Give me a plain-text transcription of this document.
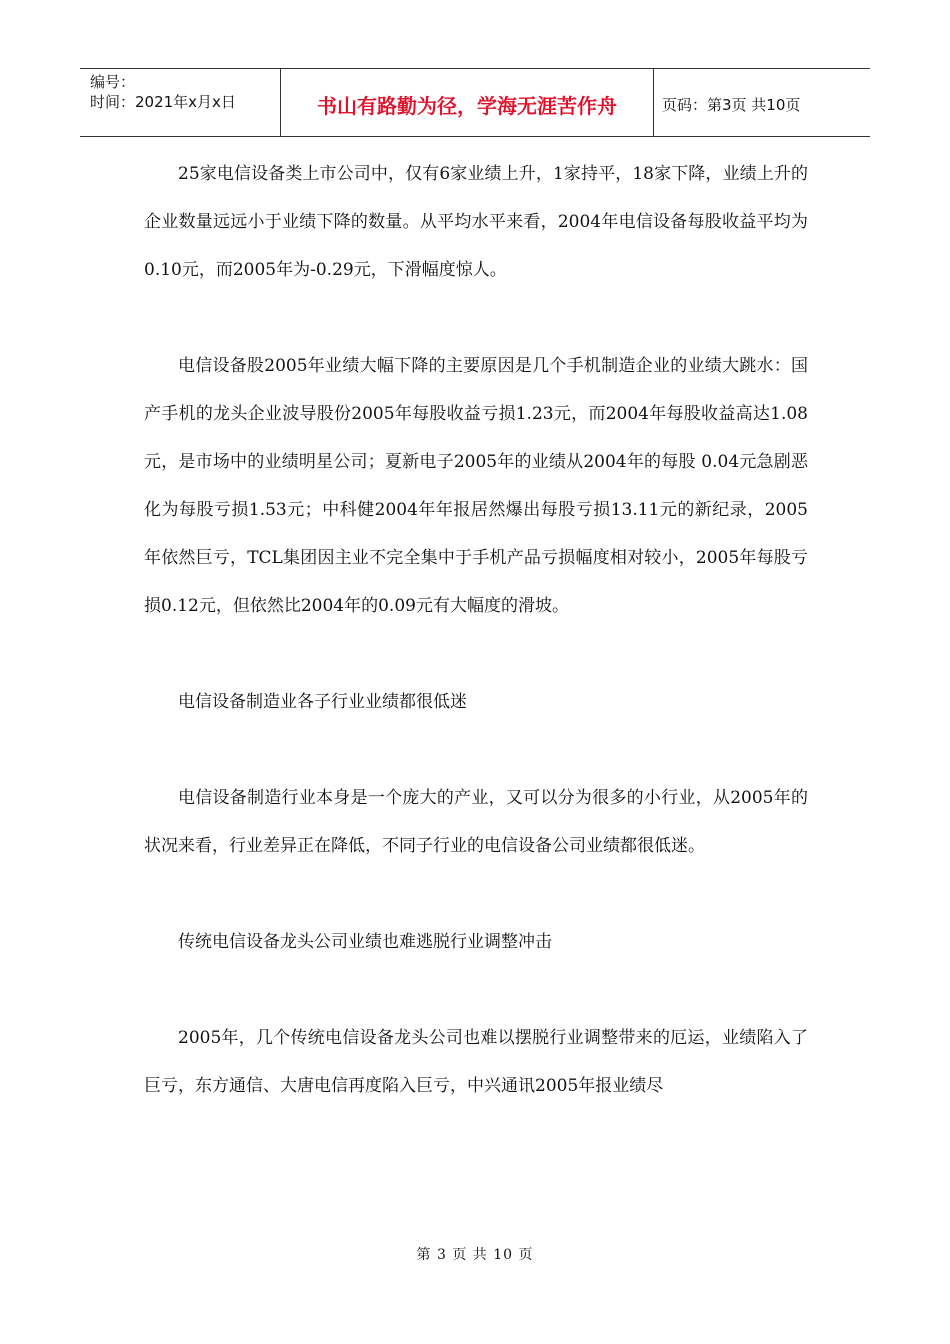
编号：
时间：2021年x月x日	书山有路勤为径，学海无涯苦作舟	页码：第3页 共10页

25家电信设备类上市公司中，仅有6家业绩上升，1家持平，18家下降，业绩上升的企业数量远远小于业绩下降的数量。从平均水平来看，2004年电信设备每股收益平均为0.10元，而2005年为-0.29元，下滑幅度惊人。

电信设备股2005年业绩大幅下降的主要原因是几个手机制造企业的业绩大跳水：国产手机的龙头企业波导股份2005年每股收益亏损1.23元，而2004年每股收益高达1.08元，是市场中的业绩明星公司；夏新电子2005年的业绩从2004年的每股 0.04元急剧恶化为每股亏损1.53元；中科健2004年年报居然爆出每股亏损13.11元的新纪录，2005年依然巨亏，TCL集团因主业不完全集中于手机产品亏损幅度相对较小，2005年每股亏损0.12元，但依然比2004年的0.09元有大幅度的滑坡。

电信设备制造业各子行业业绩都很低迷

电信设备制造行业本身是一个庞大的产业，又可以分为很多的小行业，从2005年的状况来看，行业差异正在降低，不同子行业的电信设备公司业绩都很低迷。

传统电信设备龙头公司业绩也难逃脱行业调整冲击

2005年，几个传统电信设备龙头公司也难以摆脱行业调整带来的厄运，业绩陷入了巨亏，东方通信、大唐电信再度陷入巨亏，中兴通讯2005年报业绩尽

第 3 页 共 10 页
